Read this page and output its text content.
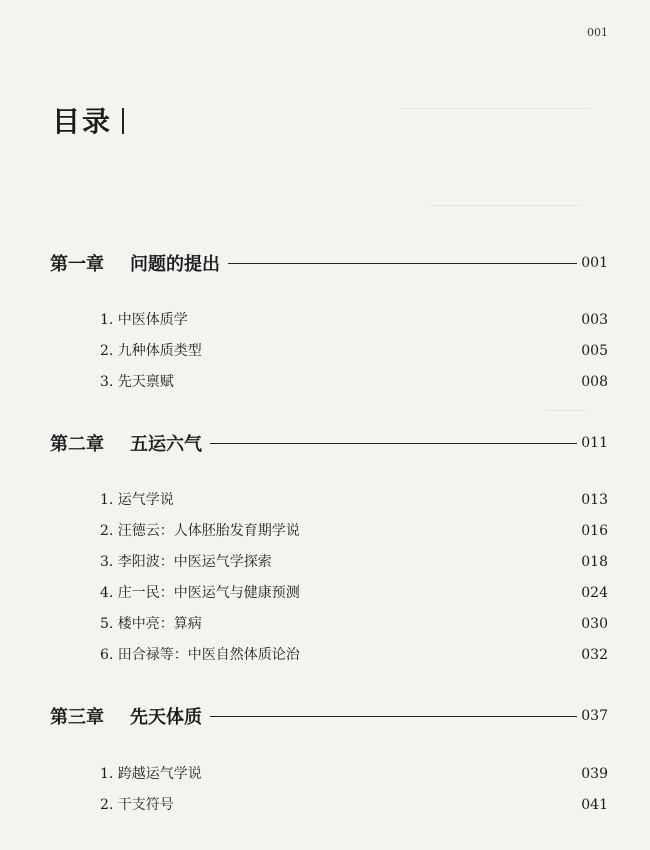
001
目录
第一章 问题的提出	001
1. 中医体质学	003
2. 九种体质类型	005
3. 先天禀赋	008
第二章 五运六气	011
1. 运气学说	013
2. 汪德云：人体胚胎发育期学说	016
3. 李阳波：中医运气学探索	018
4. 庄一民：中医运气与健康预测	024
5. 楼中亮：算病	030
6. 田合禄等：中医自然体质论治	032
第三章 先天体质	037
1. 跨越运气学说	039
2. 干支符号	041
